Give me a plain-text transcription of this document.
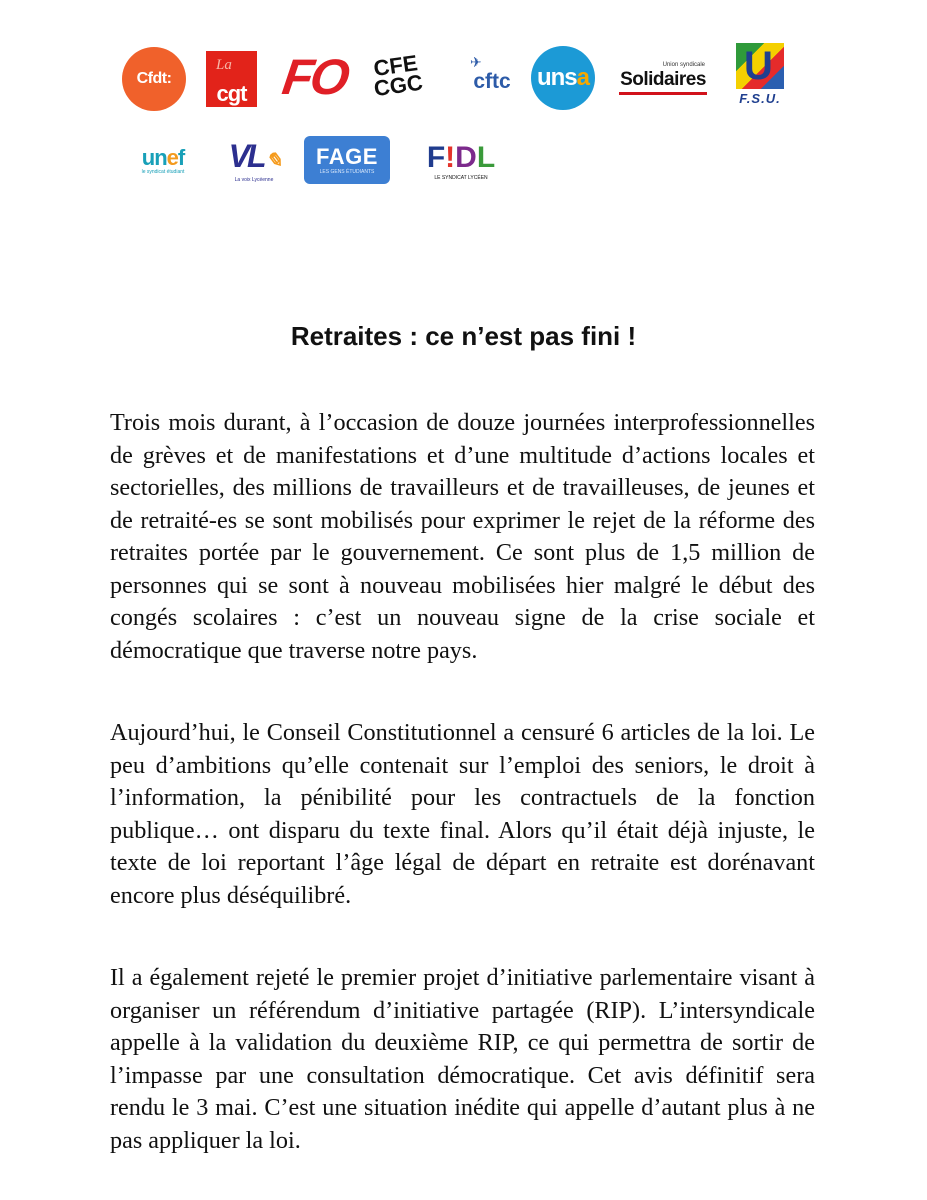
Cfdt:
La
cgt FO CFE CGC
✈
cftc unsa	Union syndicale
Solidaires U
F.S.U.
unef
le syndicat étudiant VL ✎
La voix Lycéenne
FAGE
LES GENS ÉTUDIANTS F ! D L
LE SYNDICAT LYCÉEN
Retraites : ce n’est pas fini !

Trois mois durant, à l’occasion de douze journées interprofessionnelles de grèves et de manifestations et d’une multitude d’actions locales et sectorielles, des millions de travailleurs et de travailleuses, de jeunes et de retraité-es se sont mobilisés pour exprimer le rejet de la réforme des retraites portée par le gouvernement. Ce sont plus de 1,5 million de personnes qui se sont à nouveau mobilisées hier malgré le début des congés scolaires : c’est un nouveau signe de la crise sociale et démocratique que traverse notre pays.

Aujourd’hui, le Conseil Constitutionnel a censuré 6 articles de la loi. Le peu d’ambitions qu’elle contenait sur l’emploi des seniors, le droit à l’information, la pénibilité pour les contractuels de la fonction publique… ont disparu du texte final. Alors qu’il était déjà injuste, le texte de loi reportant l’âge légal de départ en retraite est dorénavant encore plus déséquilibré.

Il a également rejeté le premier projet d’initiative parlementaire visant à organiser un référendum d’initiative partagée (RIP). L’intersyndicale appelle à la validation du deuxième RIP, ce qui permettra de sortir de l’impasse par une consultation démocratique. Cet avis définitif sera rendu le 3 mai. C’est une situation inédite qui appelle d’autant plus à ne pas appliquer la loi.
